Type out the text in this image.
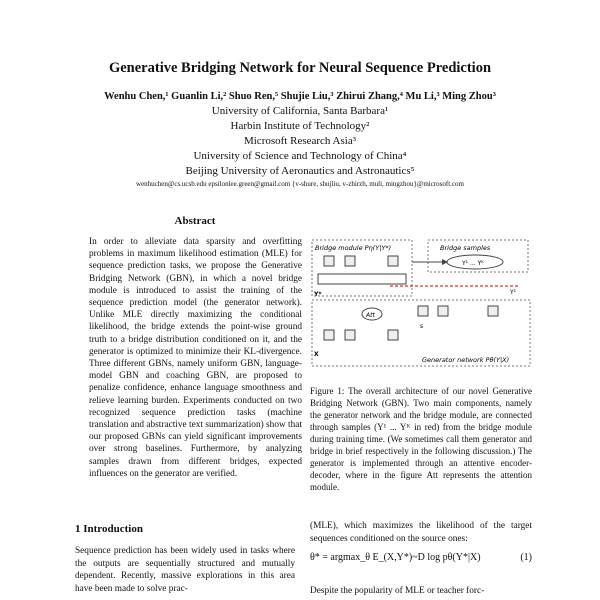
Generative Bridging Network for Neural Sequence Prediction
Wenhu Chen,¹ Guanlin Li,² Shuo Ren,⁵ Shujie Liu,³ Zhirui Zhang,⁴ Mu Li,³ Ming Zhou³
University of California, Santa Barbara¹
Harbin Institute of Technology²
Microsoft Research Asia³
University of Science and Technology of China⁴
Beijing University of Aeronautics and Astronautics⁵
wenhuchen@cs.ucsb.edu epsilonlee.green@gmail.com {v-shure, shujliu, v-zhirzh, muli, mingzhou}@microsoft.com
Abstract
In order to alleviate data sparsity and overfitting problems in maximum likelihood estimation (MLE) for sequence prediction tasks, we propose the Generative Bridging Network (GBN), in which a novel bridge module is introduced to assist the training of the sequence prediction model (the generator network). Unlike MLE directly maximizing the conditional likelihood, the bridge extends the point-wise ground truth to a bridge distribution conditioned on it, and the generator is optimized to minimize their KL-divergence. Three different GBNs, namely uniform GBN, language-model GBN and coaching GBN, are proposed to penalize confidence, enhance language smoothness and relieve learning burden. Experiments conducted on two recognized sequence prediction tasks (machine translation and abstractive text summarization) show that our proposed GBNs can yield significant improvements over strong baselines. Furthermore, by analyzing samples drawn from different bridges, expected influences on the generator are verified.
1 Introduction
Sequence prediction has been widely used in tasks where the outputs are sequentially structured and mutually dependent. Recently, massive explorations in this area have been made to solve prac-
Bridge module Pη(Y|Y*)
Y*
Bridge samples
Y¹ ... Yᴷ
Generator network Pθ(Y|X)
Att
X
s
Y¹
Figure 1: The overall architecture of our novel Generative Bridging Network (GBN). Two main components, namely the generator network and the bridge module, are connected through samples (Y¹ ... Yᴷ in red) from the bridge module during training time. (We sometimes call them generator and bridge in brief respectively in the following discussion.) The generator is implemented through an attentive encoder-decoder, where in the figure Att represents the attention module.
(MLE), which maximizes the likelihood of the target sequences conditioned on the source ones:
θ* = argmax_θ E_(X,Y*)~D log pθ(Y*|X)	(1)
Despite the popularity of MLE or teacher forc-
